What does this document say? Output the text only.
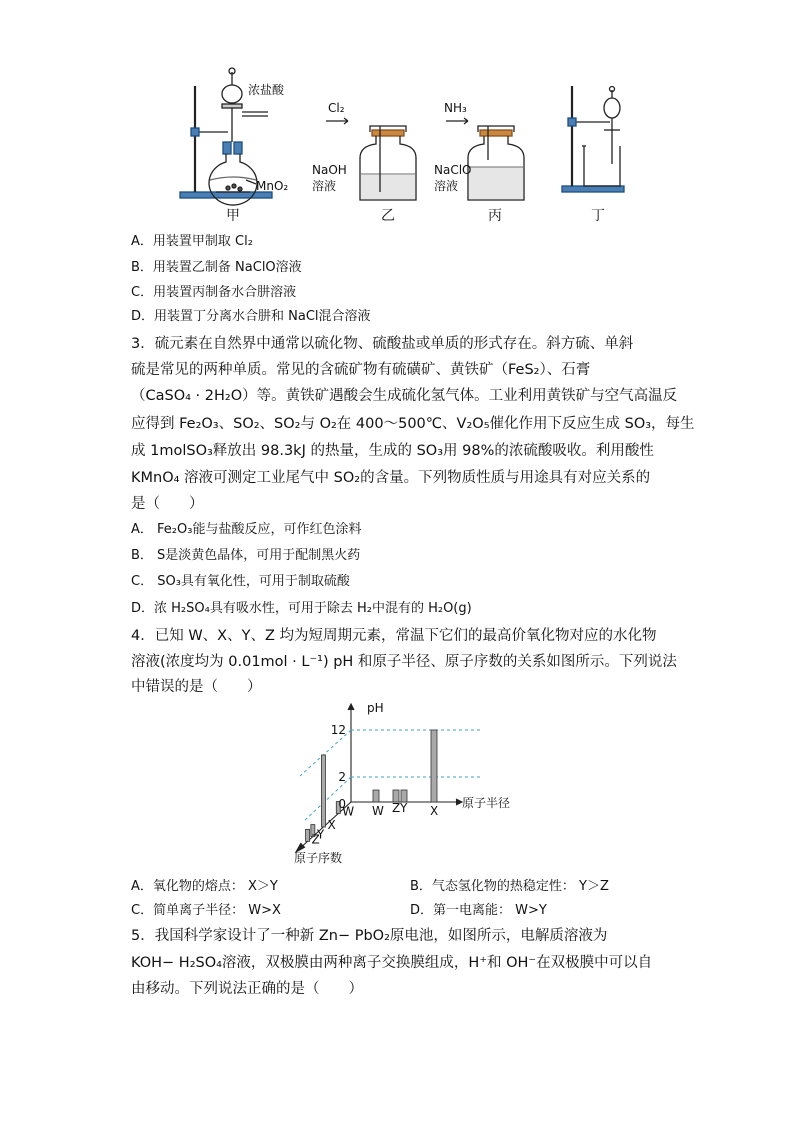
浓盐酸
MnO₂
甲
Cl₂
NaOH
溶液
乙
NH₃
NaClO
溶液
丙	丁
A．用装置甲制取 Cl₂
B．用装置乙制备 NaClO溶液
C．用装置丙制备水合肼溶液
D．用装置丁分离水合肼和 NaCl混合溶液
3．硫元素在自然界中通常以硫化物、硫酸盐或单质的形式存在。斜方硫、单斜
硫是常见的两种单质。常见的含硫矿物有硫磺矿、黄铁矿（FeS₂）、石膏
（CaSO₄ · 2H₂O）等。黄铁矿遇酸会生成硫化氢气体。工业利用黄铁矿与空气高温反
应得到 Fe₂O₃、SO₂、SO₂与 O₂在 400～500℃、V₂O₅催化作用下反应生成 SO₃，每生
成 1molSO₃释放出 98.3kJ 的热量，生成的 SO₃用 98%的浓硫酸吸收。利用酸性
KMnO₄ 溶液可测定工业尾气中 SO₂的含量。下列物质性质与用途具有对应关系的
是（　　）
A． Fe₂O₃能与盐酸反应，可作红色涂料
B． S是淡黄色晶体，可用于配制黑火药
C． SO₃具有氧化性，可用于制取硫酸
D．浓 H₂SO₄具有吸水性，可用于除去 H₂中混有的 H₂O(g)
4．已知 W、X、Y、Z 均为短周期元素，常温下它们的最高价氧化物对应的水化物
溶液(浓度均为 0.01mol · L⁻¹) pH 和原子半径、原子序数的关系如图所示。下列说法
中错误的是（　　）
W Z Y X
W
X
Y
Z
pH
原子半径
原子序数
0
12
2
A．氧化物的熔点： X＞Y	B．气态氢化物的热稳定性： Y＞Z
C．简单离子半径： W>X	D．第一电离能： W>Y
5．我国科学家设计了一种新 Zn− PbO₂原电池，如图所示，电解质溶液为
KOH− H₂SO₄溶液，双极膜由两种离子交换膜组成，H⁺和 OH⁻在双极膜中可以自
由移动。下列说法正确的是（　　）
